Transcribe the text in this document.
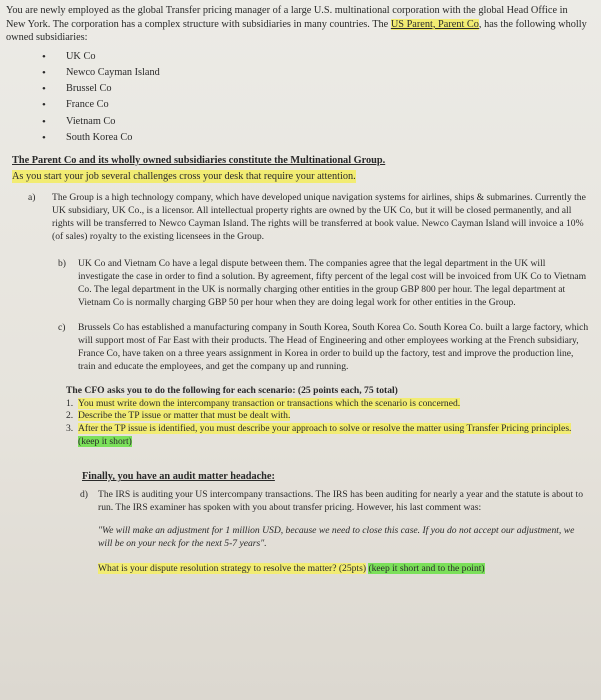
You are newly employed as the global Transfer pricing manager of a large U.S. multinational corporation with the global Head Office in New York. The corporation has a complex structure with subsidiaries in many countries. The US Parent, Parent Co, has the following wholly owned subsidiaries:

• UK Co
• Newco Cayman Island
• Brussel Co
• France Co
• Vietnam Co
• South Korea Co

The Parent Co and its wholly owned subsidiaries constitute the Multinational Group.

As you start your job several challenges cross your desk that require your attention.

a) The Group is a high technology company, which have developed unique navigation systems for airlines, ships & submarines. Currently the UK subsidiary, UK Co., is a licensor. All intellectual property rights are owned by the UK Co, but it will be closed permanently, and all rights will be transferred to Newco Cayman Island. The rights will be transferred at book value. Newco Cayman Island will invoice a 10% (of sales) royalty to the existing licensees in the Group.
b) UK Co and Vietnam Co have a legal dispute between them. The companies agree that the legal department in the UK will investigate the case in order to find a solution. By agreement, fifty percent of the legal cost will be invoiced from UK Co to Vietnam Co. The legal department in the UK is normally charging other entities in the group GBP 800 per hour. The legal department at Vietnam Co is normally charging GBP 50 per hour when they are doing legal work for other entities in the Group.
c) Brussels Co has established a manufacturing company in South Korea, South Korea Co. South Korea Co. built a large factory, which will support most of Far East with their products. The Head of Engineering and other employees working at the French subsidiary, France Co, have taken on a three years assignment in Korea in order to build up the factory, test and improve the production line, train and educate the employees, and get the company up and running.

The CFO asks you to do the following for each scenario: (25 points each, 75 total)

1. You must write down the intercompany transaction or transactions which the scenario is concerned.
2. Describe the TP issue or matter that must be dealt with.
3. After the TP issue is identified, you must describe your approach to solve or resolve the matter using Transfer Pricing principles. (keep it short)

Finally, you have an audit matter headache:

d) The IRS is auditing your US intercompany transactions. The IRS has been auditing for nearly a year and the statute is about to run. The IRS examiner has spoken with you about transfer pricing. However, his last comment was:

"We will make an adjustment for 1 million USD, because we need to close this case. If you do not accept our adjustment, we will be on your neck for the next 5-7 years".

What is your dispute resolution strategy to resolve the matter? (25pts) (keep it short and to the point)
